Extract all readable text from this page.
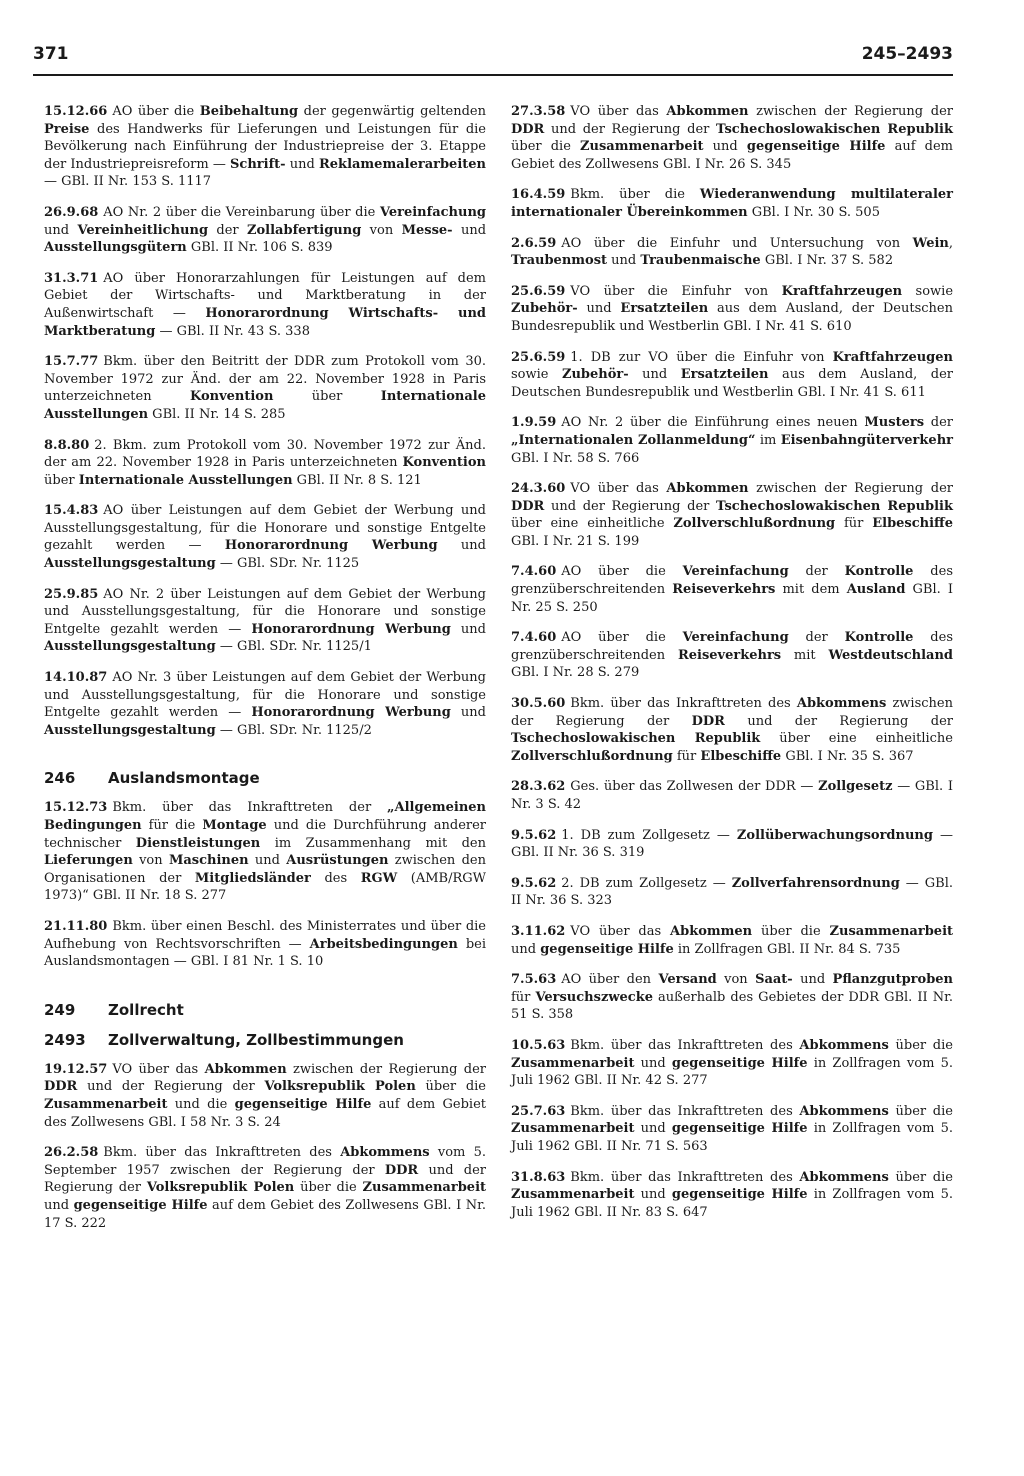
371	245–2493

15.12.66 AO über die Beibehaltung der gegenwärtig geltenden Preise des Handwerks für Lieferungen und Leistungen für die Bevölkerung nach Einführung der Industriepreise der 3. Etappe der Industriepreisreform — Schrift- und Reklamemalerarbeiten — GBl. II Nr. 153 S. 1117

26.9.68 AO Nr. 2 über die Vereinbarung über die Vereinfachung und Vereinheitlichung der Zollabfertigung von Messe- und Ausstellungsgütern GBl. II Nr. 106 S. 839

31.3.71 AO über Honorarzahlungen für Leistungen auf dem Gebiet der Wirtschafts- und Marktberatung in der Außenwirtschaft — Honorarordnung Wirtschafts- und Marktberatung — GBl. II Nr. 43 S. 338

15.7.77 Bkm. über den Beitritt der DDR zum Protokoll vom 30. November 1972 zur Änd. der am 22. November 1928 in Paris unterzeichneten Konvention über Internationale Ausstellungen GBl. II Nr. 14 S. 285

8.8.80 2. Bkm. zum Protokoll vom 30. November 1972 zur Änd. der am 22. November 1928 in Paris unterzeichneten Konvention über Internationale Ausstellungen GBl. II Nr. 8 S. 121

15.4.83 AO über Leistungen auf dem Gebiet der Werbung und Ausstellungsgestaltung, für die Honorare und sonstige Entgelte gezahlt werden — Honorarordnung Werbung und Ausstellungsgestaltung — GBl. SDr. Nr. 1125

25.9.85 AO Nr. 2 über Leistungen auf dem Gebiet der Werbung und Ausstellungsgestaltung, für die Honorare und sonstige Entgelte gezahlt werden — Honorarordnung Werbung und Ausstellungsgestaltung — GBl. SDr. Nr. 1125/1

14.10.87 AO Nr. 3 über Leistungen auf dem Gebiet der Werbung und Ausstellungsgestaltung, für die Honorare und sonstige Entgelte gezahlt werden — Honorarordnung Werbung und Ausstellungsgestaltung — GBl. SDr. Nr. 1125/2

246 Auslandsmontage

15.12.73 Bkm. über das Inkrafttreten der „Allgemeinen Bedingungen für die Montage und die Durchführung anderer technischer Dienstleistungen im Zusammenhang mit den Lieferungen von Maschinen und Ausrüstungen zwischen den Organisationen der Mitgliedsländer des RGW (AMB/RGW 1973)“ GBl. II Nr. 18 S. 277

21.11.80 Bkm. über einen Beschl. des Ministerrates und über die Aufhebung von Rechtsvorschriften — Arbeitsbedingungen bei Auslandsmontagen — GBl. I 81 Nr. 1 S. 10

249 Zollrecht
2493 Zollverwaltung, Zollbestimmungen

19.12.57 VO über das Abkommen zwischen der Regierung der DDR und der Regierung der Volksrepublik Polen über die Zusammenarbeit und die gegenseitige Hilfe auf dem Gebiet des Zollwesens GBl. I 58 Nr. 3 S. 24

26.2.58 Bkm. über das Inkrafttreten des Abkommens vom 5. September 1957 zwischen der Regierung der DDR und der Regierung der Volksrepublik Polen über die Zusammenarbeit und gegenseitige Hilfe auf dem Gebiet des Zollwesens GBl. I Nr. 17 S. 222

27.3.58 VO über das Abkommen zwischen der Regierung der DDR und der Regierung der Tschechoslowakischen Republik über die Zusammenarbeit und gegenseitige Hilfe auf dem Gebiet des Zollwesens GBl. I Nr. 26 S. 345

16.4.59 Bkm. über die Wiederanwendung multilateraler internationaler Übereinkommen GBl. I Nr. 30 S. 505

2.6.59 AO über die Einfuhr und Untersuchung von Wein, Traubenmost und Traubenmaische GBl. I Nr. 37 S. 582

25.6.59 VO über die Einfuhr von Kraftfahrzeugen sowie Zubehör- und Ersatzteilen aus dem Ausland, der Deutschen Bundesrepublik und Westberlin GBl. I Nr. 41 S. 610

25.6.59 1. DB zur VO über die Einfuhr von Kraftfahrzeugen sowie Zubehör- und Ersatzteilen aus dem Ausland, der Deutschen Bundesrepublik und Westberlin GBl. I Nr. 41 S. 611

1.9.59 AO Nr. 2 über die Einführung eines neuen Musters der „Internationalen Zollanmeldung“ im Eisenbahngüterverkehr GBl. I Nr. 58 S. 766

24.3.60 VO über das Abkommen zwischen der Regierung der DDR und der Regierung der Tschechoslowakischen Republik über eine einheitliche Zollverschlußordnung für Elbeschiffe GBl. I Nr. 21 S. 199

7.4.60 AO über die Vereinfachung der Kontrolle des grenzüberschreitenden Reiseverkehrs mit dem Ausland GBl. I Nr. 25 S. 250

7.4.60 AO über die Vereinfachung der Kontrolle des grenzüberschreitenden Reiseverkehrs mit Westdeutschland GBl. I Nr. 28 S. 279

30.5.60 Bkm. über das Inkrafttreten des Abkommens zwischen der Regierung der DDR und der Regierung der Tschechoslowakischen Republik über eine einheitliche Zollverschlußordnung für Elbeschiffe GBl. I Nr. 35 S. 367

28.3.62 Ges. über das Zollwesen der DDR — Zollgesetz — GBl. I Nr. 3 S. 42

9.5.62 1. DB zum Zollgesetz — Zollüberwachungsordnung — GBl. II Nr. 36 S. 319

9.5.62 2. DB zum Zollgesetz — Zollverfahrensordnung — GBl. II Nr. 36 S. 323

3.11.62 VO über das Abkommen über die Zusammenarbeit und gegenseitige Hilfe in Zollfragen GBl. II Nr. 84 S. 735

7.5.63 AO über den Versand von Saat- und Pflanzgutproben für Versuchszwecke außerhalb des Gebietes der DDR GBl. II Nr. 51 S. 358

10.5.63 Bkm. über das Inkrafttreten des Abkommens über die Zusammenarbeit und gegenseitige Hilfe in Zollfragen vom 5. Juli 1962 GBl. II Nr. 42 S. 277

25.7.63 Bkm. über das Inkrafttreten des Abkommens über die Zusammenarbeit und gegenseitige Hilfe in Zollfragen vom 5. Juli 1962 GBl. II Nr. 71 S. 563

31.8.63 Bkm. über das Inkrafttreten des Abkommens über die Zusammenarbeit und gegenseitige Hilfe in Zollfragen vom 5. Juli 1962 GBl. II Nr. 83 S. 647
